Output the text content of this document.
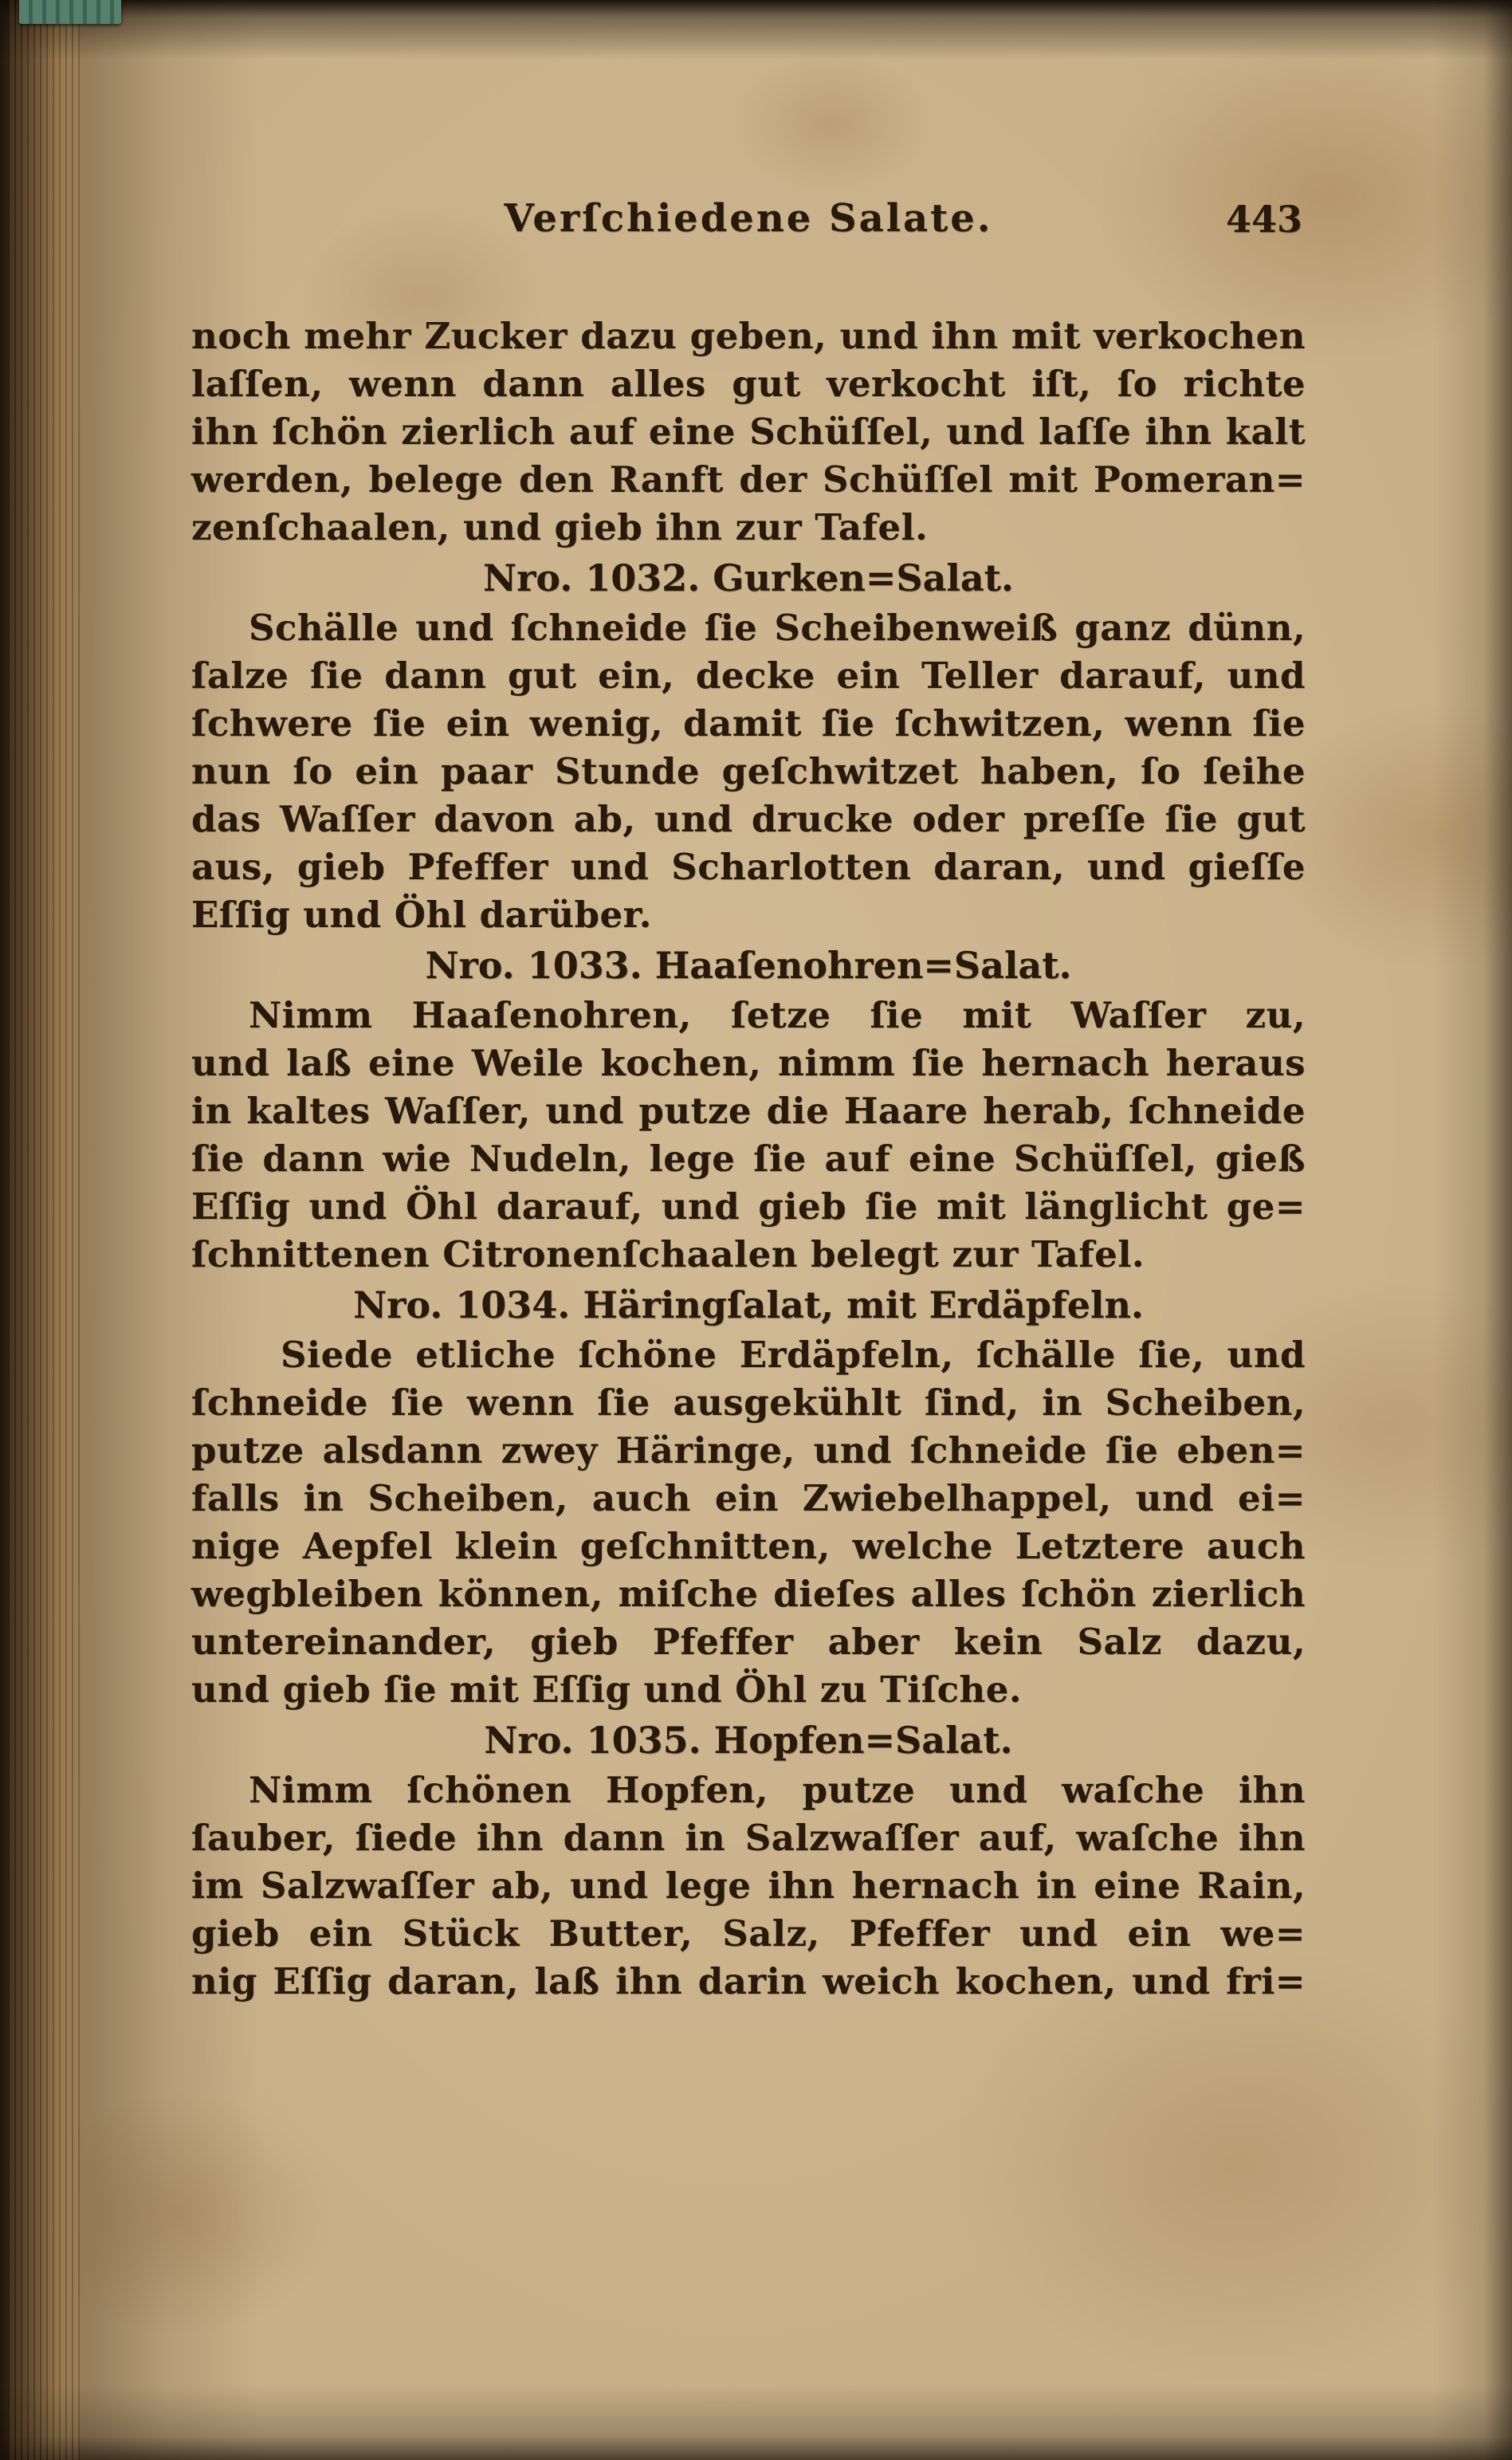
Verſchiedene Salate.	443
noch mehr Zucker dazu geben, und ihn mit verkochen
laſſen, wenn dann alles gut verkocht iſt, ſo richte
ihn ſchön zierlich auf eine Schüſſel, und laſſe ihn kalt
werden, belege den Ranft der Schüſſel mit Pomeran=
zenſchaalen, und gieb ihn zur Tafel.
Nro. 1032. Gurken=Salat.
Schälle und ſchneide ſie Scheibenweiß ganz dünn,
ſalze ſie dann gut ein, decke ein Teller darauf, und
ſchwere ſie ein wenig, damit ſie ſchwitzen, wenn ſie
nun ſo ein paar Stunde geſchwitzet haben, ſo ſeihe
das Waſſer davon ab, und drucke oder preſſe ſie gut
aus, gieb Pfeffer und Scharlotten daran, und gieſſe
Eſſig und Öhl darüber.
Nro. 1033. Haaſenohren=Salat.
Nimm Haaſenohren, ſetze ſie mit Waſſer zu,
und laß eine Weile kochen, nimm ſie hernach heraus
in kaltes Waſſer, und putze die Haare herab, ſchneide
ſie dann wie Nudeln, lege ſie auf eine Schüſſel, gieß
Eſſig und Öhl darauf, und gieb ſie mit länglicht ge=
ſchnittenen Citronenſchaalen belegt zur Tafel.
Nro. 1034. Häringſalat, mit Erdäpfeln.
Siede etliche ſchöne Erdäpfeln, ſchälle ſie, und
ſchneide ſie wenn ſie ausgekühlt ſind, in Scheiben,
putze alsdann zwey Häringe, und ſchneide ſie eben=
falls in Scheiben, auch ein Zwiebelhappel, und ei=
nige Aepfel klein geſchnitten, welche Letztere auch
wegbleiben können, miſche dieſes alles ſchön zierlich
untereinander, gieb Pfeffer aber kein Salz dazu,
und gieb ſie mit Eſſig und Öhl zu Tiſche.
Nro. 1035. Hopfen=Salat.
Nimm ſchönen Hopfen, putze und waſche ihn
ſauber, ſiede ihn dann in Salzwaſſer auf, waſche ihn
im Salzwaſſer ab, und lege ihn hernach in eine Rain,
gieb ein Stück Butter, Salz, Pfeffer und ein we=
nig Eſſig daran, laß ihn darin weich kochen, und fri=
